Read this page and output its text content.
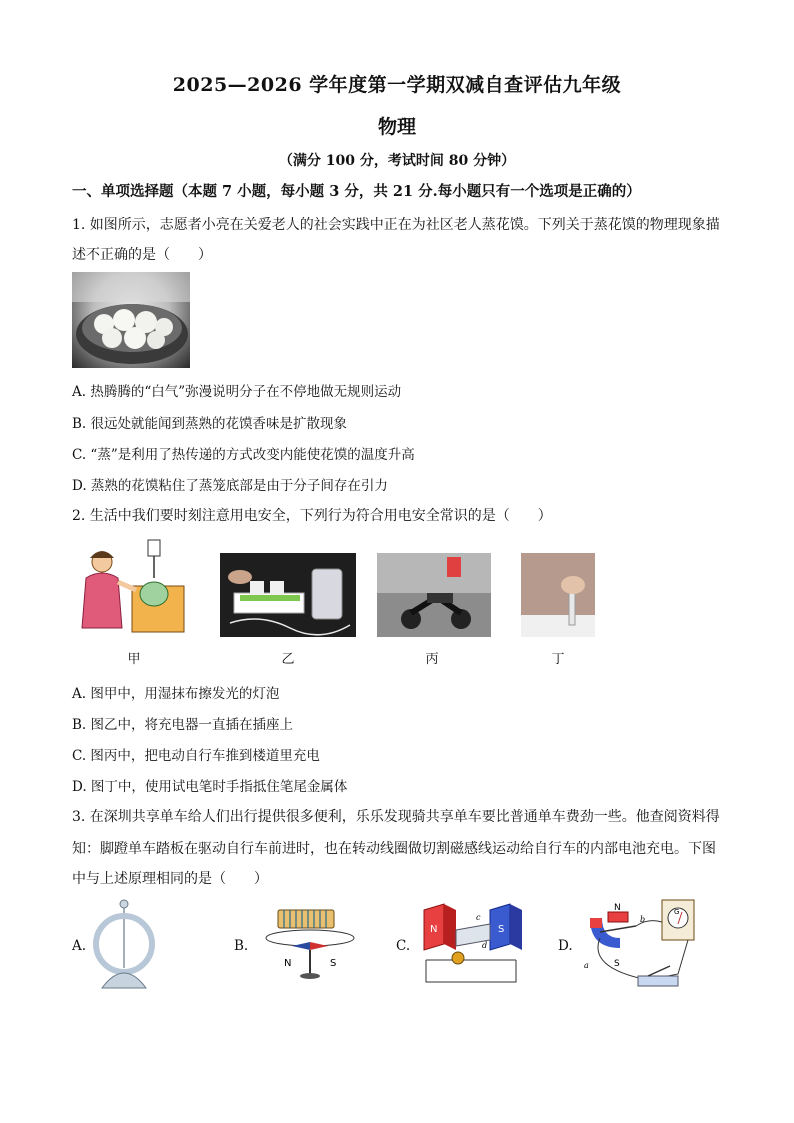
2025—2026 学年度第一学期双减自查评估九年级
物理
（满分 100 分，考试时间 80 分钟）
一、单项选择题（本题 7 小题，每小题 3 分，共 21 分.每小题只有一个选项是正确的）
1. 如图所示，志愿者小亮在关爱老人的社会实践中正在为社区老人蒸花馍。下列关于蒸花馍的物理现象描
述不正确的是（　　）
A. 热腾腾的“白气”弥漫说明分子在不停地做无规则运动
B. 很远处就能闻到蒸熟的花馍香味是扩散现象
C. “蒸”是利用了热传递的方式改变内能使花馍的温度升高
D. 蒸熟的花馍粘住了蒸笼底部是由于分子间存在引力
2. 生活中我们要时刻注意用电安全，下列行为符合用电安全常识的是（　　）
甲	乙	丙	丁
A. 图甲中，用湿抹布擦发光的灯泡
B. 图乙中，将充电器一直插在插座上
C. 图丙中，把电动自行车推到楼道里充电
D. 图丁中，使用试电笔时手指抵住笔尾金属体
3. 在深圳共享单车给人们出行提供很多便利，乐乐发现骑共享单车要比普通单车费劲一些。他查阅资料得
知：脚蹬单车踏板在驱动自行车前进时，也在转动线圈做切割磁感线运动给自行车的内部电池充电。下图
中与上述原理相同的是（　　）
A.	B.
N	S
C.
N	S
c
d	D.
N
S
G
a
b
